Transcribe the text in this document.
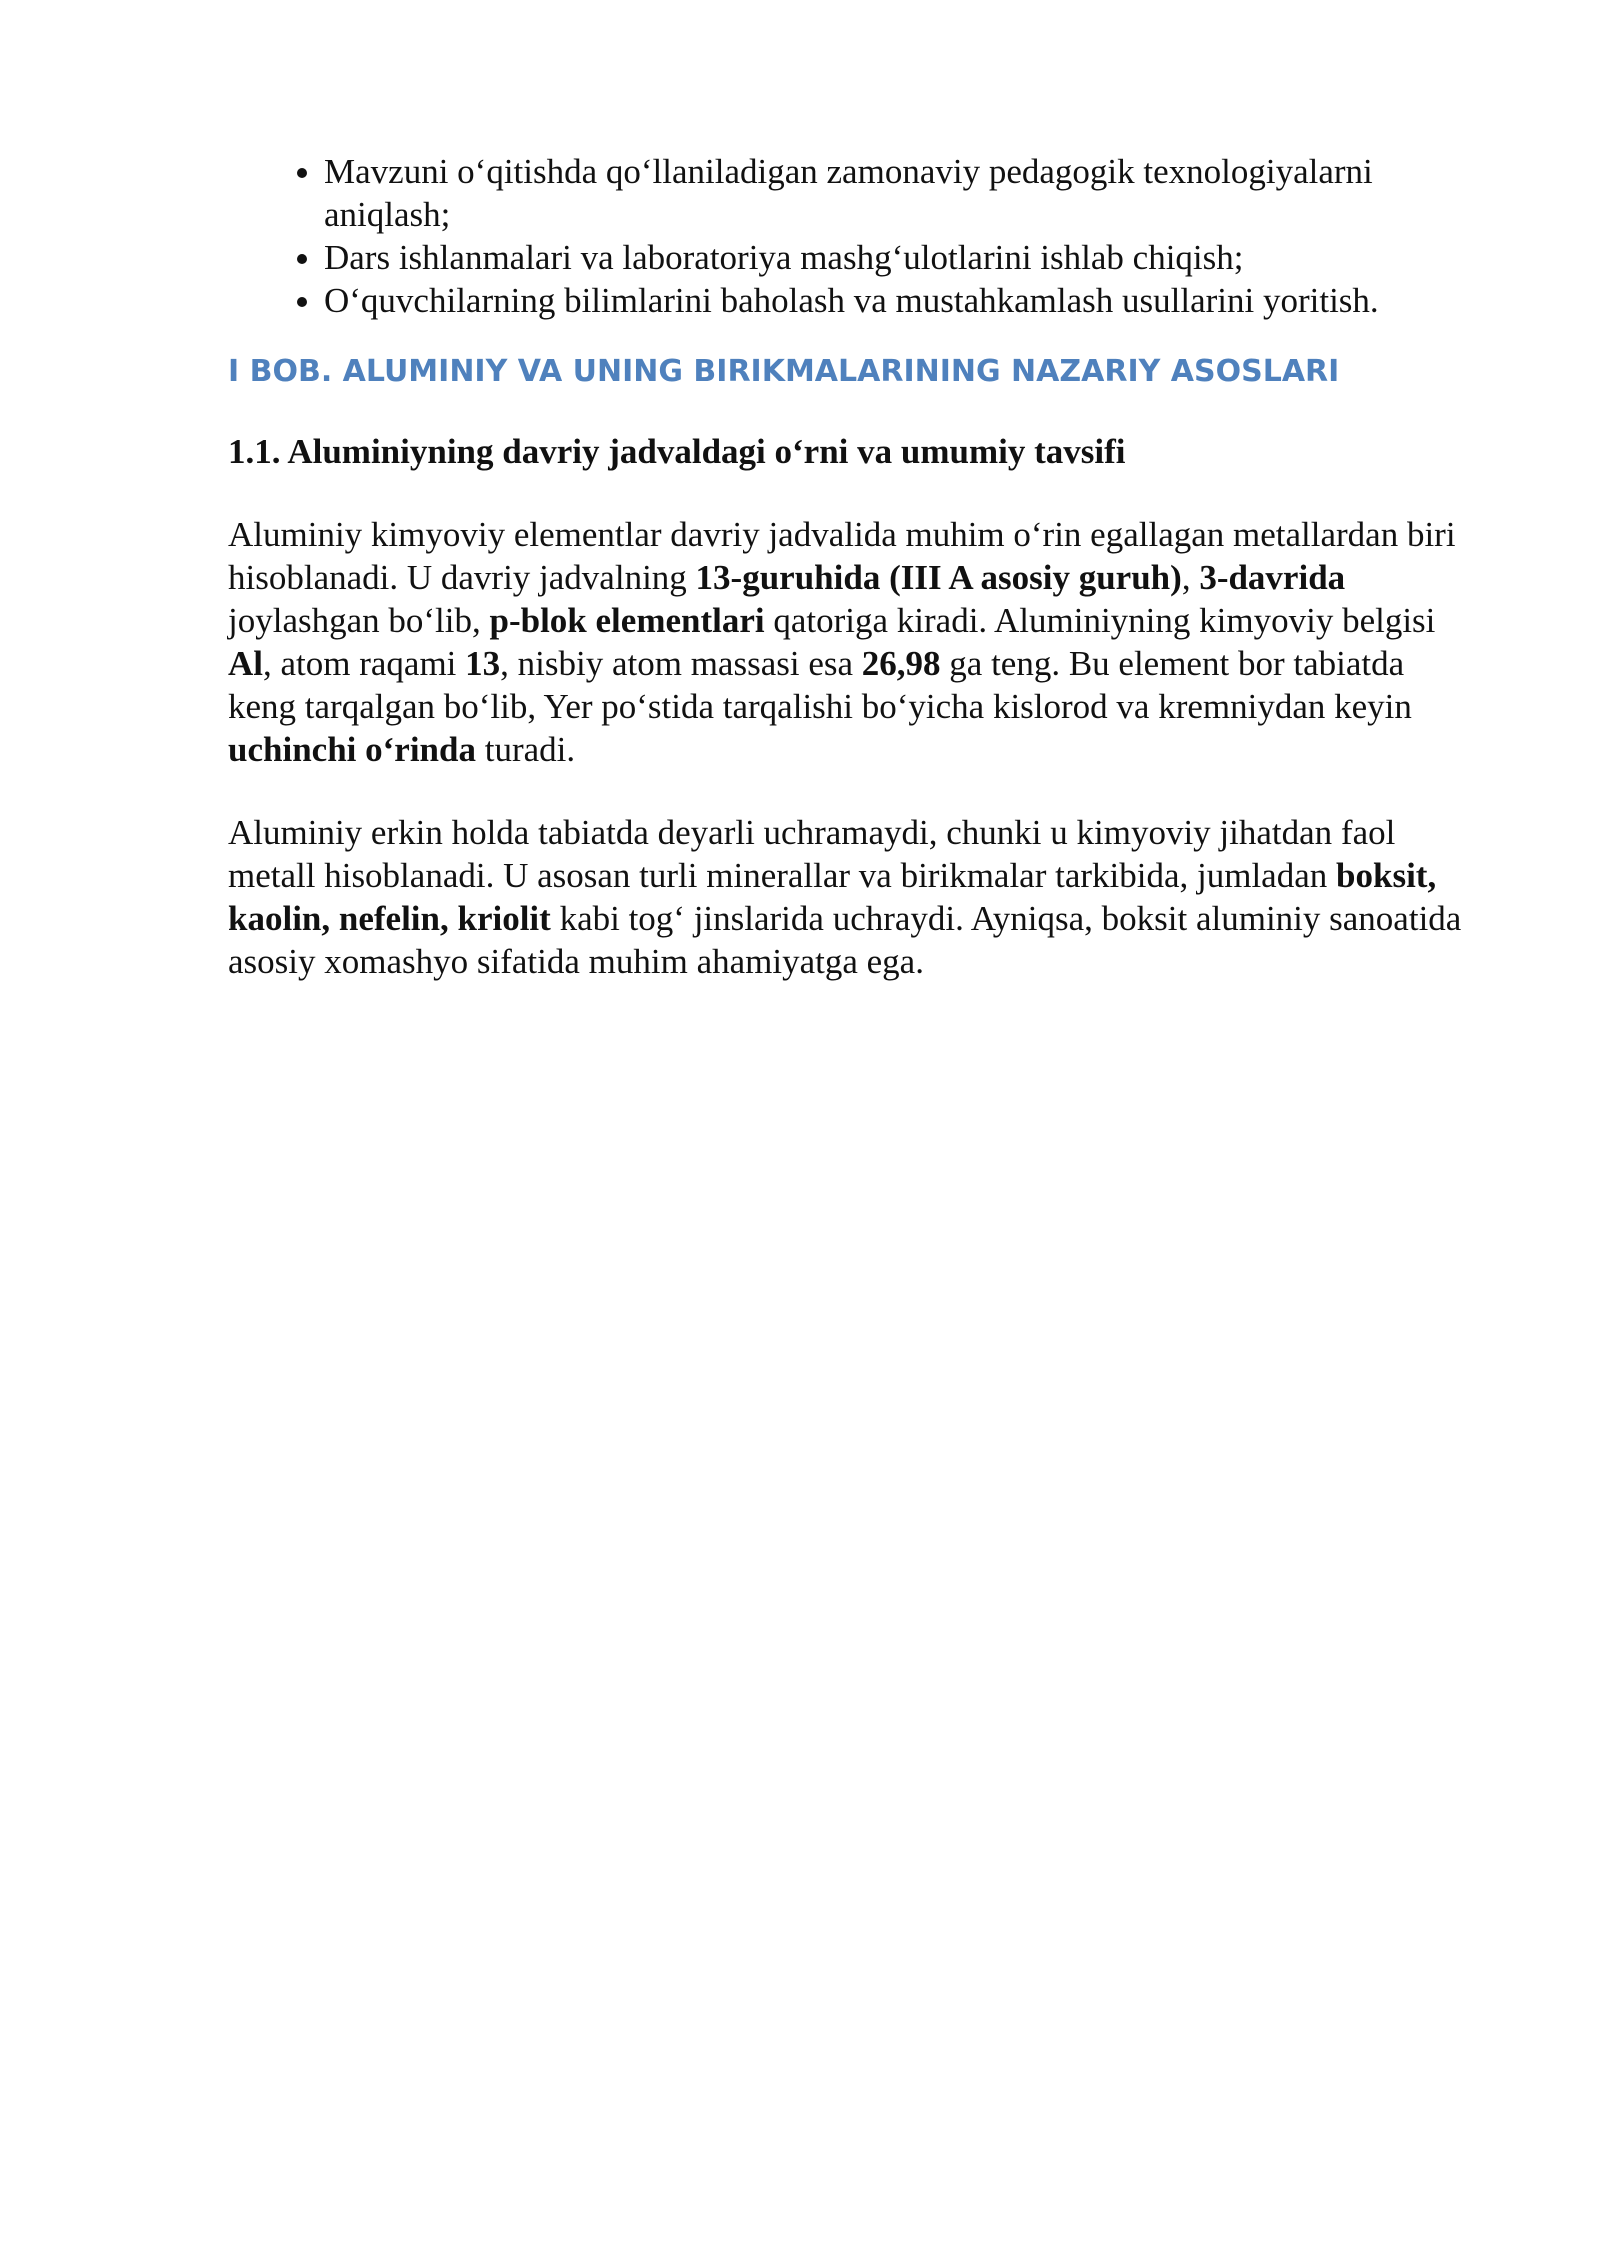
• Mavzuni o‘qitishda qo‘llaniladigan zamonaviy pedagogik texnologiyalarni aniqlash;
• Dars ishlanmalari va laboratoriya mashg‘ulotlarini ishlab chiqish;
• O‘quvchilarning bilimlarini baholash va mustahkamlash usullarini yoritish.
I BOB. ALUMINIY VA UNING BIRIKMALARINING NAZARIY ASOSLARI
1.1. Aluminiyning davriy jadvaldagi o‘rni va umumiy tavsifi

Aluminiy kimyoviy elementlar davriy jadvalida muhim o‘rin egallagan metallardan biri hisoblanadi. U davriy jadvalning 13-guruhida (III A asosiy guruh), 3-davrida joylashgan bo‘lib, p-blok elementlari qatoriga kiradi. Aluminiyning kimyoviy belgisi Al, atom raqami 13, nisbiy atom massasi esa 26,98 ga teng. Bu element bor tabiatda keng tarqalgan bo‘lib, Yer po‘stida tarqalishi bo‘yicha kislorod va kremniydan keyin uchinchi o‘rinda turadi.

Aluminiy erkin holda tabiatda deyarli uchramaydi, chunki u kimyoviy jihatdan faol metall hisoblanadi. U asosan turli minerallar va birikmalar tarkibida, jumladan boksit, kaolin, nefelin, kriolit kabi tog‘ jinslarida uchraydi. Ayniqsa, boksit aluminiy sanoatida asosiy xomashyo sifatida muhim ahamiyatga ega.
